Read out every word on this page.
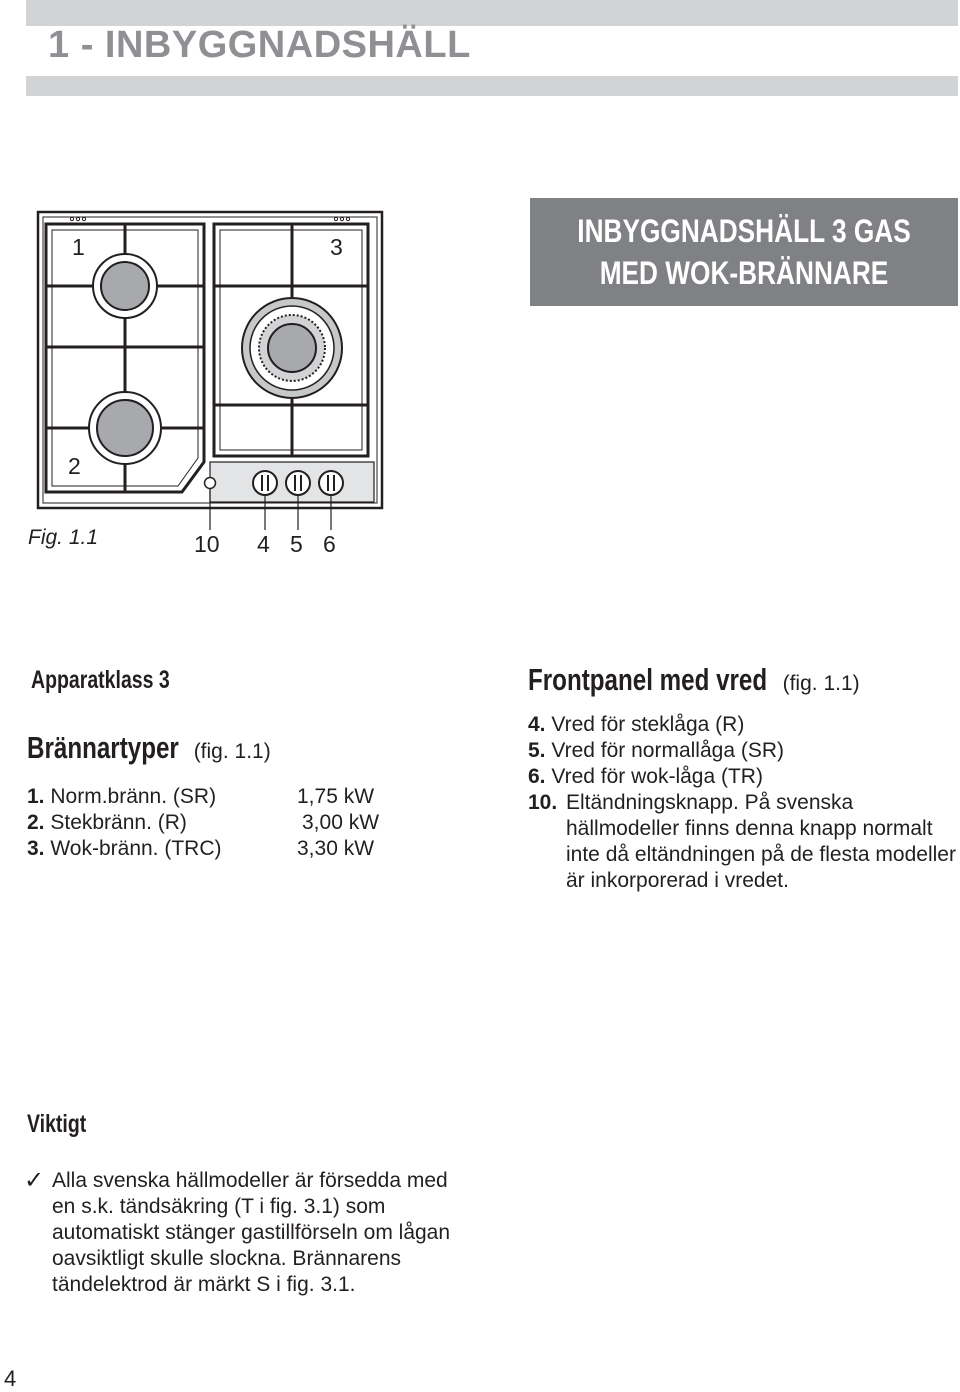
1 - INBYGGNADSHÄLL
INBYGGNADSHÄLL 3 GAS
MED WOK-BRÄNNARE
1	3
2
Fig. 1.1	10 4 5 6
Apparatklass 3
Brännartyper (fig. 1.1)
1. Norm.bränn. (SR)	1,75 kW
2. Stekbränn. (R)	3,00 kW
3. Wok-bränn. (TRC)	3,30 kW
Frontpanel med vred (fig. 1.1)
4. Vred för steklåga (R)
5. Vred för normallåga (SR)
6. Vred för wok-låga (TR)
10. Eltändningsknapp. På svenska hällmodeller finns denna knapp normalt inte då eltändningen på de flesta modeller är inkorporerad i vredet.
Viktigt
✓ Alla svenska hällmodeller är försedda med en s.k. tändsäkring (T i fig. 3.1) som automatiskt stänger gastillförseln om lågan oavsiktligt skulle slockna. Brännarens tändelektrod är märkt S i fig. 3.1.
4
